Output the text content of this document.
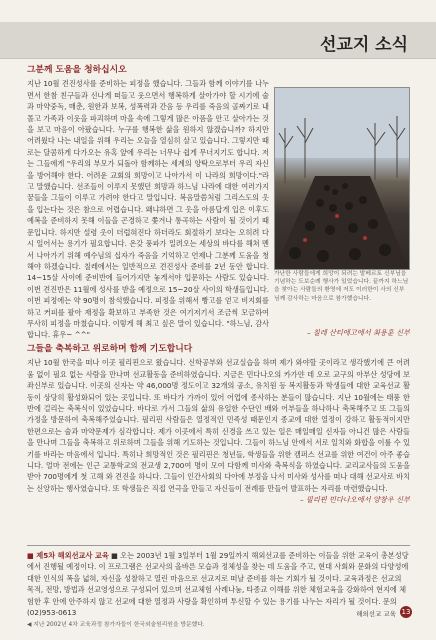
선교지 소식

그분께 도움을 청하십시오

지난 10월 견진성사를 준비하는 피정을 했습니다. 그들과 함께 이야기를 나누면서 한참 친구들과 신나게 떠들고 웃으면서 행복하게 살아가야 할 시기에 술과 마약중독, 매춘, 원한과 보복, 성폭력과 간음 등 우리를 죽음의 골짜기로 내몰고 가족과 이웃을 파괴하며 마을 속에 그렇게 많은 아픔을 안고 살아가는 것을 보고 마음이 아팠습니다. 누구를 행복한 삶을 원하지 않겠습니까? 하지만 어려웠다 나는 내일을 위해 우리는 오늘을 열심히 살고 있습니다. 그렇지만 때로는 달콤하게 다가오는 유혹 앞에 우리는 너무나 쉽게 무너지기도 합니다. 저는 그들에게 "우리의 부모가 되돌아 함께하는 세계의 양탁으로부터 우리 자신을 방어해야 한다. 어려운 교회의 희망이고 나아가서 이 나라의 희망이다."라고 말했습니다. 선조들이 이루지 못했던 희망과 하느님 나라에 대한 여러가지 꿈들을 그들이 이루고 가려야 한다고 말입니다. 복음말씀처럼 그리스도의 옷을 입는다는 것은 참으로 어렵습니다. 왜냐하면 그 옷을 아름답게 입은 이후도 예복을 준비하지 못해 이들을 곤경하고 쫓겨나 통곡하는 사람이 될 것이기 때문입니다. 하지만 설령 옷이 더럽혀진다 하더라도 회절하기 보다는 오히려 다시 일어서는 용기가 필요합니다. 온갖 풍파가 밀려오는 세상의 바다를 해쳐 멘서 나아가기 위해 예수님의 십자가 죽음을 기억하고 언제나 그분께 도움을 청해야 하겠습니다. 칠레에서는 일반적으로 견진성사 준비를 2년 동안 합니다. 14~15살 사이에 준비반에 들어가지만 놓게서야 입문하는 사람도 있습니다. 이번 견진반은 11월에 성사를 받을 예정으로 15~20살 사이의 학생들입니다. 이번 피정에는 약 90명이 참석했습니다. 피정을 위해서 빵고를 얻고 비지회를 하고 커피를 팔아 재정을 확보하고 부족한 것은 여기저기서 조금씩 모금하여 무사히 피정을 마쳤습니다. 이렇게 해 최고 싶은 말이 있습니다. "하느님, 감사합니다. 휴우~ ^^"

가난한 사람들에게 희망이 되려는 발베르토 신부님을 기념하는 도보순례 행사가 있었습니다. 끝까지 하느님을 찾아는 사람들의 환영에 저도 이러한이 사의 신부님께 감사하는 마음으로 참가했습니다.
– 칠레 산티에고에서 최용훈 신부

그들을 축복하고 위로하며 함께 기도합니다

지난 10월 한국을 떠나 이곳 필리핀으로 왔습니다. 신학공부와 선교실습을 하며 제가 와야할 곳이라고 생각했기에 큰 어려움 없이 필요 없는 사람을 만나며 선교활동을 준비하였습니다. 지금은 민다나오의 카가얀 데 오로 교구의 아부산 성당에 보좌신부로 있습니다. 이곳의 신자는 약 46,000명 정도이고 32개의 공소, 유치원 등 복지활동과 학생들에 대한 교육선교 활동이 상당히 활성화되어 있는 곳입니다. 또 바다가 가까이 있어 어업에 종사하는 분들이 많습니다. 지난 10월에는 태풍 한반에 걸리는 축복식이 있었습니다. 바다로 가서 그들의 삶의 유일한 수단인 배와 어부들을 하나하나 축복해주고 또 그들의 가정을 방문하여 축복해주었습니다. 필리핀 사람들은 열정적인 민족성 때문인지 종교에 대한 열정이 강하고 활동적이지만 한편으로는 술과 마약문제가 심각합니다. 제가 이곳에서 특히 신경을 쓰고 있는 일은 매일매일 신자들 아니건 많은 사람들을 만나며 그들을 축복하고 위로하며 그들을 위해 기도하는 것입니다. 그들이 하느님 안에서 서로 일치와 화합을 이룰 수 있기를 바라는 마음에서 입니다. 특히나 희망적인 것은 필리핀은 청년들, 학생들을 위한 캠퍼스 선교를 위한 여건이 아주 좋습니다. 얼마 전에는 인근 교통학교의 전교생 2,700여 명이 모여 다함께 미사와 축복식을 하였습니다. 교리교사들의 도움을 받아 700명에게 첫 고해 와 견진을 하니다. 그들이 인간사회의 다아에 부정을 나서 미사와 성사를 떠나 대해 선교사로 바치는 신앙하는 행사였습니다. 또 학생들은 직접 연극을 만들고 자신들이 전례를 만들어 발표하는 자리를 마련했습니다.

– 필리핀 민다나오에서 양창우 신부

■ 제5차 해외선교사 교육 ■ 오는 2003년 1월 3일부터 1월 29일까지 해외선교를 준비하는 이들을 위한 교육이 총본성당에서 진행될 예정이다. 이 프로그램은 선교사의 올바른 모습과 정체성을 찾는 데 도움을 주고, 현대 사회와 문화의 다양성에 대한 인식의 폭을 넓혀, 자신을 성찰하고 열린 마음으로 선교지로 떠날 준비를 하는 기회가 될 것이다. 교육과정은 선교의 목적, 전망, 방법과 선교영성으로 구성되어 있으며 선교체험 사례나눔, 타종교 이해를 위한 체험교육을 강화하여 현지에 체험한 후 안에 안주하지 않고 선교에 대한 열정과 사랑을 확인하며 투신할 수 있는 용기를 나누는 자리가 될 것이다. 문의 (02)953-0613
◀ 지난 2002년 4차 교육과정 참가자들이 한국외술원리원을 방문했다.
해외선교 교육 13
